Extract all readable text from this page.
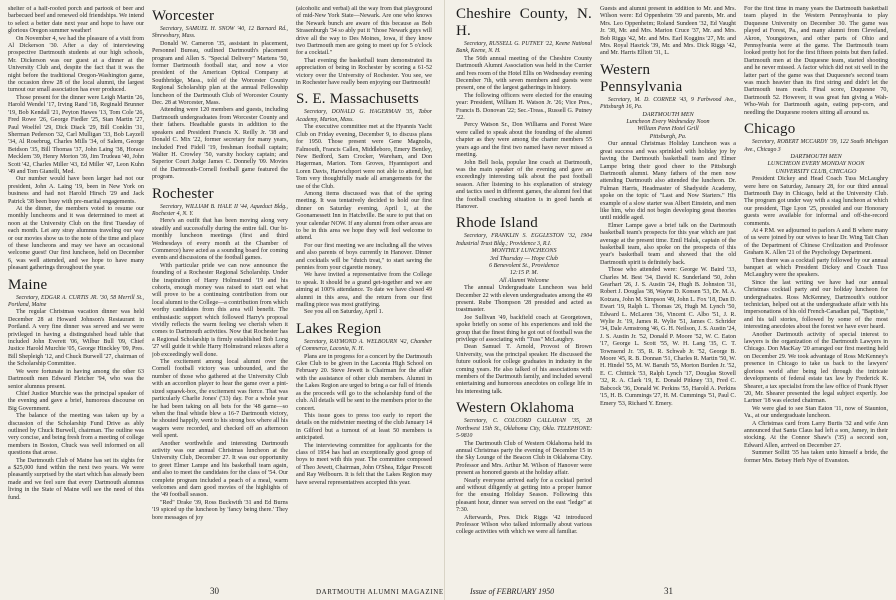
shelter of a half-roofed porch and partook of beer and barbecued beef and renewed old friendships. We intend to select a better date next year and hope to have our glorious Oregon summer weather!

On November 4, we had the pleasure of a visit from Al Dickerson '30. After a day of interviewing prospective Dartmouth students at our high schools, Mr. Dickerson was our guest at a dinner at the University Club and, despite the fact that it was the night before the traditional Oregon-Washington game, the occasion drew 28 of the local alumni, the largest turnout our small association has ever produced.

Those present for the dinner were Leigh Martin '26, Harold Wendel '17, Irving Rand '18, Reginald Brunner '19, Bob Kendall '21, Peyton Hawes '13, Tom Cole '26, Fred Rowe '26, George Fiedler '25, Stan Martin '27, Paul Woelfel '29, Dick Diack '29, Bill Conklin '31, Sherman Pederson '32, Carl Mulligan '33, Bob Layzell '34, Al Rosebrug, Charles Mills '34, of Salem, George Beidson '35, Bill Thomas '37, John Laing '38, Horace Mecklem '39, Henry Morton '39, Jim Trudeau '40, John Scott '42, Charles Miller '43, Ed Miller '47, Leon Kuhn '49 and Tom Gianelli, Med.

Our number would have been larger had not our president, John A. Laing '19, been in New York on business and had not Harold Hirsch '29 and Jack Patrick '38 been busy with pre-marital engagements.

At the dinner, the members voted to resume our monthly luncheons and it was determined to meet at noon at the University Club on the first Tuesday of each month. Let any stray alumnus traveling our way or our movies show us to the note of the time and place of these luncheons and may we have an occasional welcome guest! Our first luncheon, held on December 6, was well attended, and we hope to have many pleasant gatherings throughout the year.

Maine

Secretary, EDGAR A. CURTIS JR. '30, 58 Merrill St., Portland, Maine

The regular Christmas vacation dinner was held December 28 at Howard Johnson's Restaurant in Portland. A very fine dinner was served and we were privileged in having a distinguished head table that included John Everett '06, Wilbur Bull '09, Chief Justice Harold Murchie '05, George Hinckley '09, Pres. Bill Shepleigh '12, and Chuck Burwell '27, chairman of the Scholarship Committee.

We were fortunate in having among the other 63 Dartmouth men Edward Fletcher '94, who was the senior alumnus present.

Chief Justice Murchie was the principal speaker of the evening and gave a brief, humorous discourse on Big Government.

The balance of the meeting was taken up by a discussion of the Scholarship Fund Drive as ably outlined by Chuck Burwell, chairman. The outline was very concise, and being fresh from a meeting of college members in Boston, Chuck was well informed on all questions that arose.

The Dartmouth Club of Maine has set its sights for a $25,000 fund within the next two years. We were pleasantly surprised by the start which has already been made and we feel sure that every Dartmouth alumnus living in the State of Maine will see the need of this fund.

Worcester

Secretary, SAMUEL H. SNOW '40, 12 Barnard Rd., Shrewsbury, Mass.

Donald W. Cameron '35, assistant in placement, Personnel Bureau, outlined Dartmouth's placement program and Allen S. "Special Delivery" Martens '50, former Dartmouth football star, and now a vice president of the American Optical Company at Southbridge, Mass., told of the Worcester County Regional Scholarship plan at the annual Fellowship luncheon of the Dartmouth Club of Worcester County Dec. 28 at Worcester, Mass.

Attending were 120 members and guests, including Dartmouth undergraduates from Worcester County and their fathers. Headtable guests in addition to the speakers and President Francis X. Reilly Jr. '38 and Donald C. Mix '22, former secretary for many years, included Fred Fidell '19, freshman football captain; Walter H. Crowley '50, varsity hockey captain; and Superior Court Judge James C. Donnelly '09. Movies of the Dartmouth-Cornell football game featured the program.

Rochester

Secretary, WILLIAM B. HALE II '44, Aqueduct Bldg., Rochester 4, N. Y.

Here's an outfit that has been moving along very steadily and successfully during the entire fall. Our bi-monthly luncheon meetings (first and third Wednesdays of every month at the Chamber of Commerce) have acted as a sounding board for coming events and discussions of the football games.

With particular pride we can now announce the founding of a Rochester Regional Scholarship. Under the inspiration of Harry Holmstrand '19 and his cohorts, enough money was raised to start out what will prove to be a continuing contribution from our local alumni to the College—a contribution from which worthy candidates from this area will benefit. The enthusiastic support which followed Harry's proposal vividly reflects the warm feeling we cherish when it comes to Dartmouth activities. Now that Rochester has a Regional Scholarship is firmly established Bob Long '27 will guide it while Harry Holmstrand relaxes after a job exceedingly well done.

The excitement among local alumni over the Cornell football victory was unbounded, and the number of those who gathered at the University Club with an accordion player to hear the game over a pint-sized squawk-box, the excitement was fierce. That was particularly Charlie Jones' ('33) day. For a whole year he had been taking on all bets for the '48 game—so when the final whistle blew a 16-7 Dartmouth victory, he shouted happily, went to his strong box where all his wagers were recorded, and checked off an afternoon well spent.

Another worthwhile and interesting Dartmouth activity was our annual Christmas luncheon at the University Club, December 27. It was our opportunity to greet Elmer Lampe and his basketball team again, and also to meet the candidates for the class of '54. Our complete program included a peach of a meal, warm welcomes and darn good movies of the highlights of the '49 football season.

"Red" Drake '39, Ross Buckwith '31 and Ed Burns '19 spiced up the luncheon by 'fancy being there.' They bore messages of joy

(alcoholic and verbal) all the way from that playground of mid-New York State—Newark. Are one who knows the Newark bunch are aware of this because as Bob Strasenburgh '34 so ably put it "those Newark guys will drive all the way to Des Moines, Iowa, if they know two Dartmouth men are going to meet up for 5 o'clock for a cocktail."

That evening the basketball team demonstrated its appreciation of being in Rochester by scoring a 61-52 victory over the University of Rochester. You see, we in Rochester have really been enjoying our Dartmouth!

S. E. Massachusetts

Secretary, DONALD G. HAGERMAN '35, Tabor Academy, Marion, Mass.

The executive committee met at the Hyannis Yacht Club on Friday evening, December 9, to discuss plans for 1950. Those present were Gene Magnolis, Falmouth, Francis Callen, Middleboro, Emery Bentley, New Bedford, Sam Crocker, Wareham, and Don Hagerman, Marion. Tom Groves, Hyannisport and Loren Davis, Harwichport were not able to attend, but Tom very thoughtfully made all arrangements for the use of the Club.

Among items discussed was that of the spring meeting. It was tentatively decided to hold our first dinner on Saturday evening, April 1, at the Goonamessett Inn in Hatchville. Be sure to put that on your calendar NOW. If any alumni from other areas are to be in this area we hope they will feel welcome to attend.

For our first meeting we are including all the wives and also parents of boys currently in Hanover. Dinner and cocktails will be "dutch treat," to start saving the pennies from your cigarette money.

We have invited a representative from the College to speak. It should be a grand get-together and we are aiming at 100% attendance. To date we have closed 49 alumni in this area, and the return from our first mailing piece was most gratifying.

See you all on Saturday, April 1.

Lakes Region

Secretary, RAYMOND A. WELBOURN '42, Chamber of Commerce, Laconia, N. H.

Plans are in progress for a concert by the Dartmouth Glee Club to be given in the Laconia High School on February 20. Steve Jewett is Chairman for the affair with the assistance of other club members. Alumni in the Lakes Region are urged to bring a car full of friends as the proceeds will go to the scholarship fund of the club. All details will be sent to the members prior to the concert.

This issue goes to press too early to report the details on the midwinter meeting of the club January 14 in Gilford but a turnout of at least 50 members is anticipated.

The interviewing committee for applicants for the class of 1954 has had an exceptionally good group of boys to meet with this year. The committee composed of Theo Jewett, Chairman, John O'Shea, Edgar Prescott and Ray Welbourn. It is felt that the Lakes Region may have several representatives accepted this year.

Cheshire County, N. H.

Secretary, RUSSELL G. PUTNEY '22, Keene National Bank, Keene, N. H.

The 56th annual meeting of the Cheshire County Dartmouth Alumni Association was held in the Currier and Ives room of the Hotel Ellis on Wednesday evening December 7th, with seven members and guests were present, one of the largest gatherings in history.

The following officers were elected for the ensuing year: President, William H. Watson Jr. '26; Vice Pres., Francis B. Donovan '22; Sec.-Treas., Russell G. Putney '22.

Percy Watson Sr., Don Williams and Forest Ware were called to speak about the founding of the alumni chapter as they were among the charter members 55 years ago and the first two named have never missed a meeting.

John Bell Isola, popular line coach at Dartmouth, was the main speaker of the evening and gave an exceedingly interesting talk about the past football season. After listening to his explanation of strategy and tactics used in different games, the alumni feel that the football coaching situation is in good hands at Hanover.

Rhode Island

Secretary, FRANKLIN S. EGGLESTON '32, 1904 Industrial Trust Bldg.; Providence 3, R.I.

MONTHLY LUNCHEONS

3rd Thursday — Hope Club

6 Benevolent St., Providence

12:15 P. M.

All Alumni Welcome

The annual Undergraduate Luncheon was held December 22 with eleven undergraduates among the 49 present. Rube Thompson '28 presided and acted as toastmaster.

Joe Sullivan '49, backfield coach at Georgetown, spoke briefly on some of his experiences and told the group that the finest thing he got out of football was the privilege of associating with "Tuss" McLaughry.

Dean Samuel T. Arnold, Provost of Brown University, was the principal speaker. He discussed the future outlook for college graduates in industry in the coming years. He also talked of his associations with members of the Dartmouth family, and included several entertaining and humorous anecdotes on college life in his interesting talk.

Western Oklahoma

Secretary, C. COLCORD CALLAHAN '35, 28 Northwest 15th St., Oklahoma City, Okla. TELEPHONE: 5-9810

The Dartmouth Club of Western Oklahoma held its annual Christmas party the evening of December 15 in the Sky Lounge of the Beacon Club in Oklahoma City. Professor and Mrs. Arthur M. Wilson of Hanover were present as honored guests at the holiday affair.

Nearly everyone arrived early for a cocktail period and without diligently at getting into a proper humor for the ensuing Holiday Season. Following this pleasant hour, dinner was served on the east "ledge" at 7:30.

Afterwards, Pres. Dick Riggs '42 introduced Professor Wilson who talked informally about various college activities with which we were all familiar.

Guests and alumni present in addition to Mr. and Mrs. Wilson were: Ed Oppenheim '39 and parents, Mr. and Mrs. Leo Oppenheim; Roland Sundeen '32, Ed Vaught Jr. '38, Mr. and Mrs. Marion Cruce '37, Mr. and Mrs. Bob Riggs '42, Mr. and Mrs. Earl Koggins '27, Mr. and Mrs. Royal Hasrick '39, Mr. and Mrs. Dick Riggs '42, and Mr. Harris Elliott '31, L.

Western Pennsylvania

Secretary, M. D. CORNER '43, 9 Farbwood Ave., Pittsburgh 16, Pa.

DARTMOUTH MEN

Luncheon Every Wednesday Noon

William Penn Hotel Grill

Pittsburgh, Pa.

Our annual Christmas Holiday Luncheon was a great success and was sprinkled with holiday joy by having the Dartmouth basketball team and Elmer Lampe bring their good cheer to the Pittsburgh Dartmouth alumni. Many fathers of the men now attending Dartmouth also attended the luncheon. Dr. Fulman Harris, Headmaster of Shadyside Academy, spoke on the topic of "Last and Now Starters." His example of a slow starter was Albert Einstein, and men like him, who did not begin developing great theories until middle aged.

Elmer Lampe gave a brief talk on the Dartmouth basketball team's prospects for this year which are just average at the present time. Emil Haluk, captain of the basketball team, also spoke on the prospects of this year's basketball team and showed that the old Dartmouth spirit is definitely back.

Those who attended were: George W. Baird '33, Charles M. Best '34, David K. Sunderland '50, John Gearhart '26, J. S. Austin '24, Hugh B. Johnston '31, Robert J. Douglas '38, Wayne D. Konsen '53, Dr. M. A. Kotzara, John M. Simpson '49, John L. Fox '18, Dan D. Ewart '19, Ralph L. Thomas '26, Hugh M. Lynch '50, Edward L. McLaren '36, Vincent C. Albo '51, J. R. Wylie Jr. '19, James R. Wylie '51, James C. Schrider '34, Dale Armstrong '46, G. H. Neilson, J. S. Austin '24, J. S. Austin Jr. '52, Donald P. Moore '52, W. C. Eaton '17, George L. Scott '55, W. H. Lang '35, C. T. Townsend Jr. '35, R. R. Schwab Jr. '52, George B. Moore '45, R. B. Donnan '51, Charles R. Martin '50, W. H. Hindel '55, M. W. Baruth '55, Morton Burden Jr. '52, E. C. Chittick '53, Ralph Lynch '17, Douglas Stovell '32, R. A. Clark '19, E. Donald Pitkney '33, Fred C. Babcock '36, Donald W. Perkins '55, Harold A. Perkins '15, H. B. Cummings '27, H. M. Cummings '51, Paul C. Emery '53, Richard Y. Emery.

For the first time in many years the Dartmouth basketball team played in the Western Pennsylvania to play Duquesne University on December 30. The game was played at Forest, Pa., and many alumni from Cleveland, Akron, Youngstown, and other parts of Ohio and Pennsylvania were at the game. The Dartmouth team looked pretty hot for the first fifteen points but then failed. Dartmouth men at the Duquesne team, started shooting and he never missed. A factor which did not sit well in the latter part of the game was that Duquesne's second team was much heavier than its first string and didn't let the Dartmouth team reach. Final score, Duquesne 70, Dartmouth 52. However, it was great fun giving a Wah-Who-Wah for Dartmouth again, eating pep-corn, and needling the Duquesne rooters sitting all around us.

Chicago

Secretary, ROBERT MCCARDY '39, 122 South Michigan Ave., Chicago 3

DARTMOUTH MEN

LUNCHEON EVERY MONDAY NOON

UNIVERSITY CLUB, CHICAGO

President Dickey and Head Coach Tuss McLaughry were here on Saturday, January 28, for our third annual Dartmouth Day in Chicago, held at the University Club. The program got under way with a stag luncheon at which our president, Tige Lyon '25, presided and our Honorary guests were available for informal and off-the-record comments.

At 4 P.M. we adjourned to parlors A and B where many of us were joined by our wives to hear Dr. Wing Tait Chan of the Department of Chinese Civilization and Professor Graham K. Allen '21 of the Psychology Department.

Then there was a cocktail party followed by our annual banquet at which President Dickey and Coach Tuss McLaughry were the speakers.

Since the last writing we have had our annual Christmas cocktail party and our holiday luncheon for undergraduates. Ross McKenney, Dartmouth's outdoor technician, helped out at the undergraduate affair with his impersonations of his old French-Canadian pal, "Baptiste," and his tall stories, followed by some of the most interesting anecdotes about the forest we have ever heard.

Another Dartmouth activity of special interest to lawyers is the organization of the Dartmouth Lawyers in Chicago. Don MacKay '20 arranged our first meeting held on December 29. We took advantage of Ross McKenney's presence in Chicago to take us back to the lawyers' glorious world after being led through the intricate developments of federal estate tax law by Frederick K. Shearer, a tax specialist from the law office of Frank Hyser '20, Mr. Shearer presented the legal subject expertly. Joe Lartner '18 was elected chairman.

We were glad to see Stan Eaton '11, now of Staunton, Va., at our undergraduate luncheon.

A Christmas card from Larry Burtis '32 and wife Ann announced that Santa Claus had left a son, Jamey, in their stocking. At the Connor Shaw's ('35) a second son, Edward Allen, arrived on December 27.

Summer Sollitt '35 has taken unto himself a bride, the former Mrs. Betsey Herb Nye of Evanston.

30	DARTMOUTH ALUMNI MAGAZINE	Issue of FEBRUARY 1950	31
